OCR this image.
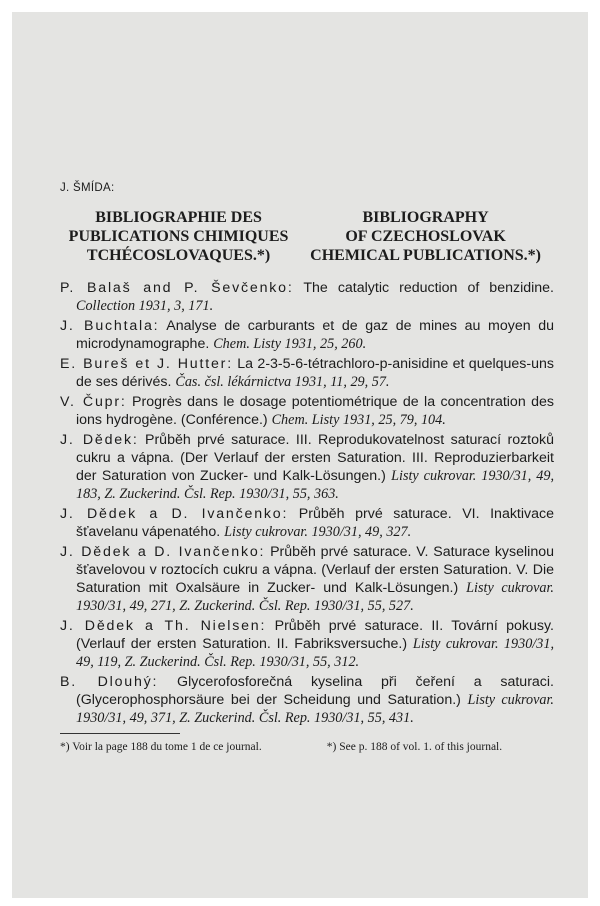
J. ŠMÍDA:
BIBLIOGRAPHIE DES
PUBLICATIONS CHIMIQUES
TCHÉCOSLOVAQUES.*)
BIBLIOGRAPHY
OF CZECHOSLOVAK
CHEMICAL PUBLICATIONS.*)
P. Balaš and P. Ševčenko: The catalytic reduction of benzidine. Collection 1931, 3, 171.
J. Buchtala: Analyse de carburants et de gaz de mines au moyen du microdynamographe. Chem. Listy 1931, 25, 260.
E. Bureš et J. Hutter: La 2-3-5-6-tétrachloro-p-anisidine et quelques-uns de ses dérivés. Čas. čsl. lékárnictva 1931, 11, 29, 57.
V. Čupr: Progrès dans le dosage potentiométrique de la concentration des ions hydrogène. (Conférence.) Chem. Listy 1931, 25, 79, 104.
J. Dědek: Průběh prvé saturace. III. Reprodukovatelnost saturací roztoků cukru a vápna. (Der Verlauf der ersten Saturation. III. Reproduzierbarkeit der Saturation von Zucker- und Kalk-Lösungen.) Listy cukrovar. 1930/31, 49, 183, Z. Zuckerind. Čsl. Rep. 1930/31, 55, 363.
J. Dědek a D. Ivančenko: Průběh prvé saturace. VI. Inaktivace šťavelanu vápenatého. Listy cukrovar. 1930/31, 49, 327.
J. Dědek a D. Ivančenko: Průběh prvé saturace. V. Saturace kyselinou šťavelovou v roztocích cukru a vápna. (Verlauf der ersten Saturation. V. Die Saturation mit Oxalsäure in Zucker- und Kalk-Lösungen.) Listy cukrovar. 1930/31, 49, 271, Z. Zuckerind. Čsl. Rep. 1930/31, 55, 527.
J. Dědek a Th. Nielsen: Průběh prvé saturace. II. Tovární pokusy. (Verlauf der ersten Saturation. II. Fabriksversuche.) Listy cukrovar. 1930/31, 49, 119, Z. Zuckerind. Čsl. Rep. 1930/31, 55, 312.
B. Dlouhý: Glycerofosforečná kyselina při čeření a saturaci. (Glycerophosphorsäure bei der Scheidung und Saturation.) Listy cukrovar. 1930/31, 49, 371, Z. Zuckerind. Čsl. Rep. 1930/31, 55, 431.
*) Voir la page 188 du tome 1 de ce journal.	*) See p. 188 of vol. 1. of this journal.
